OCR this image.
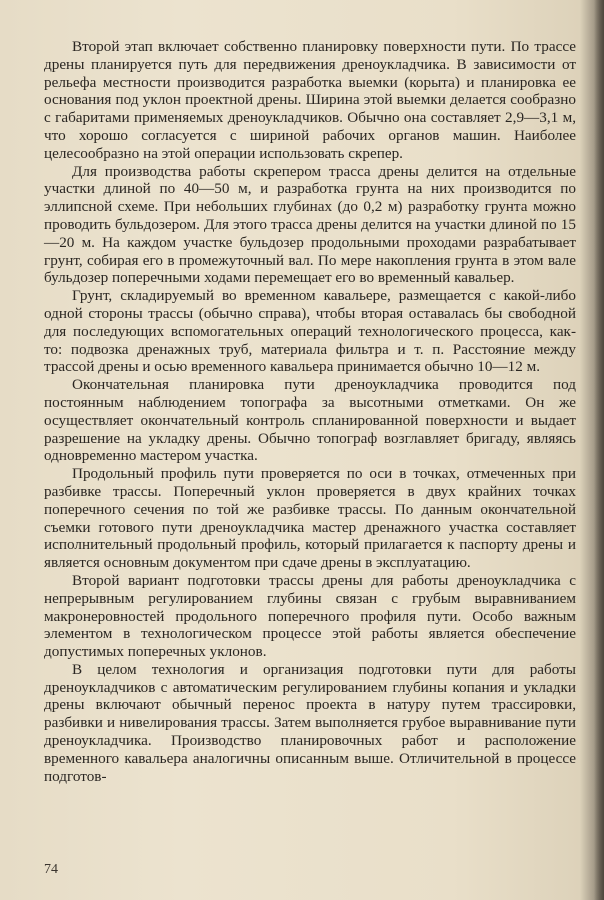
Второй этап включает собственно планировку поверхности пути. По трассе дрены планируется путь для передвижения дреноукладчика. В зависимости от рельефа местности производится разработка выемки (корыта) и планировка ее основания под уклон проектной дрены. Ширина этой выемки делается сообразно с габаритами применяемых дреноукладчиков. Обычно она составляет 2,9—3,1 м, что хорошо согласуется с шириной рабочих органов машин. Наиболее целесообразно на этой операции использовать скрепер.

Для производства работы скрепером трасса дрены делится на отдельные участки длиной по 40—50 м, и разработка грунта на них производится по эллипсной схеме. При небольших глубинах (до 0,2 м) разработку грунта можно проводить бульдозером. Для этого трасса дрены делится на участки длиной по 15—20 м. На каждом участке бульдозер продольными проходами разрабатывает грунт, собирая его в промежуточный вал. По мере накопления грунта в этом вале бульдозер поперечными ходами перемещает его во временный кавальер.

Грунт, складируемый во временном кавальере, размещается с какой-либо одной стороны трассы (обычно справа), чтобы вторая оставалась бы свободной для последующих вспомогательных операций технологического процесса, как-то: подвозка дренажных труб, материала фильтра и т. п. Расстояние между трассой дрены и осью временного кавальера принимается обычно 10—12 м.

Окончательная планировка пути дреноукладчика проводится под постоянным наблюдением топографа за высотными отметками. Он же осуществляет окончательный контроль спланированной поверхности и выдает разрешение на укладку дрены. Обычно топограф возглавляет бригаду, являясь одновременно мастером участка.

Продольный профиль пути проверяется по оси в точках, отмеченных при разбивке трассы. Поперечный уклон проверяется в двух крайних точках поперечного сечения по той же разбивке трассы. По данным окончательной съемки готового пути дреноукладчика мастер дренажного участка составляет исполнительный продольный профиль, который прилагается к паспорту дрены и является основным документом при сдаче дрены в эксплуатацию.

Второй вариант подготовки трассы дрены для работы дреноукладчика с непрерывным регулированием глубины связан с грубым выравниванием макронеровностей продольного поперечного профиля пути. Особо важным элементом в технологическом процессе этой работы является обеспечение допустимых поперечных уклонов.

В целом технология и организация подготовки пути для работы дреноукладчиков с автоматическим регулированием глубины копания и укладки дрены включают обычный перенос проекта в натуру путем трассировки, разбивки и нивелирования трассы. Затем выполняется грубое выравнивание пути дреноукладчика. Производство планировочных работ и расположение временного кавальера аналогичны описанным выше. Отличительной в процессе подготов-

74
